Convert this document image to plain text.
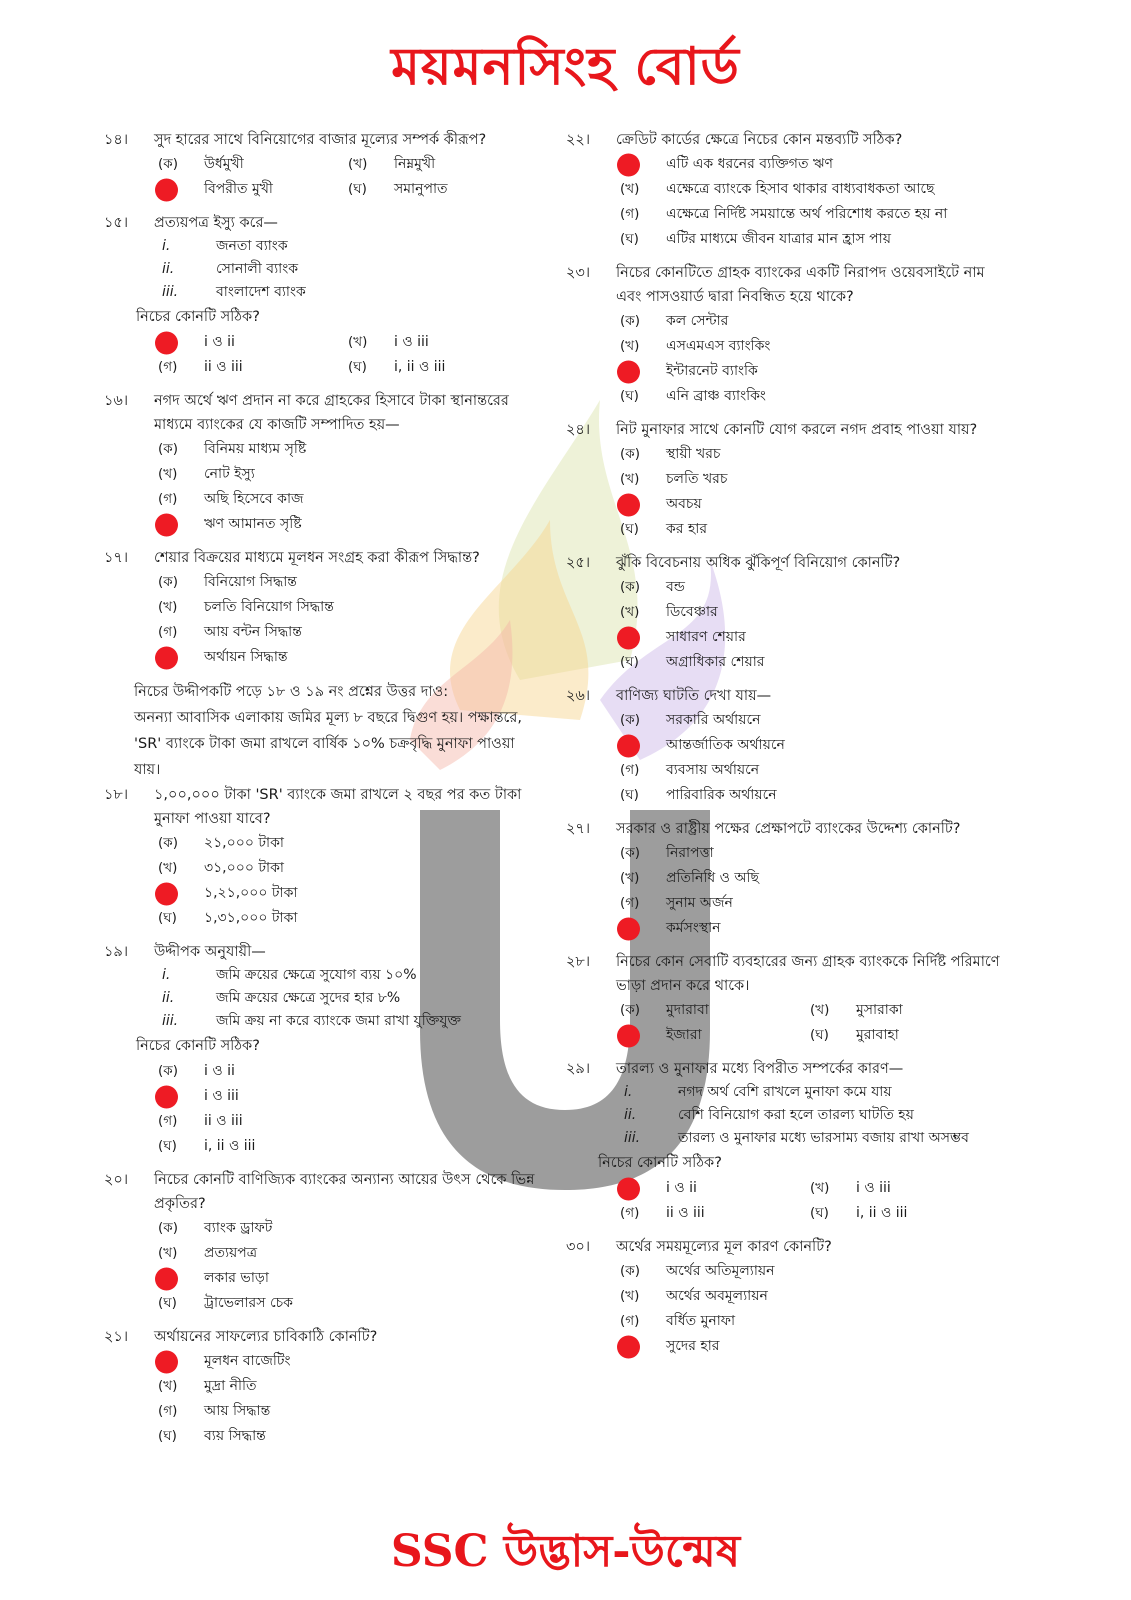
ময়মনসিংহ বোর্ড
১৪।	সুদ হারের সাথে বিনিয়োগের বাজার মূল্যের সম্পর্ক কীরূপ?
(ক)	উর্ধমুখী	(খ)	নিম্নমুখী
বিপরীত মুখী	(ঘ)	সমানুপাত
১৫।	প্রত্যয়পত্র ইস্যু করে—
i.	জনতা ব্যাংক
ii.	সোনালী ব্যাংক
iii.	বাংলাদেশ ব্যাংক
নিচের কোনটি সঠিক?
i ও ii	(খ)	i ও iii
(গ)	ii ও iii	(ঘ)	i, ii ও iii
১৬।	নগদ অর্থে ঋণ প্রদান না করে গ্রাহকের হিসাবে টাকা স্থানান্তরের মাধ্যমে ব্যাংকের যে কাজটি সম্পাদিত হয়—
(ক)	বিনিময় মাধ্যম সৃষ্টি
(খ)	নোট ইস্যু
(গ)	অছি হিসেবে কাজ
ঋণ আমানত সৃষ্টি
১৭।	শেয়ার বিক্রয়ের মাধ্যমে মূলধন সংগ্রহ করা কীরূপ সিদ্ধান্ত?
(ক)	বিনিয়োগ সিদ্ধান্ত
(খ)	চলতি বিনিয়োগ সিদ্ধান্ত
(গ)	আয় বন্টন সিদ্ধান্ত
অর্থায়ন সিদ্ধান্ত
নিচের উদ্দীপকটি পড়ে ১৮ ও ১৯ নং প্রশ্নের উত্তর দাও:
অনন্যা আবাসিক এলাকায় জমির মূল্য ৮ বছরে দ্বিগুণ হয়। পক্ষান্তরে, 'SR' ব্যাংকে টাকা জমা রাখলে বার্ষিক ১০% চক্রবৃদ্ধি মুনাফা পাওয়া যায়।
১৮।	১,০০,০০০ টাকা 'SR' ব্যাংকে জমা রাখলে ২ বছর পর কত টাকা মুনাফা পাওয়া যাবে?
(ক)	২১,০০০ টাকা
(খ)	৩১,০০০ টাকা
১,২১,০০০ টাকা
(ঘ)	১,৩১,০০০ টাকা
১৯।	উদ্দীপক অনুযায়ী—
i.	জমি ক্রয়ের ক্ষেত্রে সুযোগ ব্যয় ১০%
ii.	জমি ক্রয়ের ক্ষেত্রে সুদের হার ৮%
iii.	জমি ক্রয় না করে ব্যাংকে জমা রাখা যুক্তিযুক্ত
নিচের কোনটি সঠিক?
(ক)	i ও ii
i ও iii
(গ)	ii ও iii
(ঘ)	i, ii ও iii
২০।	নিচের কোনটি বাণিজ্যিক ব্যাংকের অন্যান্য আয়ের উৎস থেকে ভিন্ন প্রকৃতির?
(ক)	ব্যাংক ড্রাফট
(খ)	প্রত্যয়পত্র
লকার ভাড়া
(ঘ)	ট্রাভেলারস চেক
২১।	অর্থায়নের সাফল্যের চাবিকাঠি কোনটি?
মূলধন বাজেটিং
(খ)	মুদ্রা নীতি
(গ)	আয় সিদ্ধান্ত
(ঘ)	ব্যয় সিদ্ধান্ত
২২।	ক্রেডিট কার্ডের ক্ষেত্রে নিচের কোন মন্তব্যটি সঠিক?
এটি এক ধরনের ব্যক্তিগত ঋণ
(খ)	এক্ষেত্রে ব্যাংকে হিসাব থাকার বাধ্যবাধকতা আছে
(গ)	এক্ষেত্রে নির্দিষ্ট সময়ান্তে অর্থ পরিশোধ করতে হয় না
(ঘ)	এটির মাধ্যমে জীবন যাত্রার মান হ্রাস পায়
২৩।	নিচের কোনটিতে গ্রাহক ব্যাংকের একটি নিরাপদ ওয়েবসাইটে নাম এবং পাসওয়ার্ড দ্বারা নিবন্ধিত হয়ে থাকে?
(ক)	কল সেন্টার
(খ)	এসএমএস ব্যাংকিং
ইন্টারনেট ব্যাংকি
(ঘ)	এনি ব্রাঞ্চ ব্যাংকিং
২৪।	নিট মুনাফার সাথে কোনটি যোগ করলে নগদ প্রবাহ পাওয়া যায়?
(ক)	স্থায়ী খরচ
(খ)	চলতি খরচ
অবচয়
(ঘ)	কর হার
২৫।	ঝুঁকি বিবেচনায় অধিক ঝুঁকিপূর্ণ বিনিয়োগ কোনটি?
(ক)	বন্ড
(খ)	ডিবেঞ্চার
সাধারণ শেয়ার
(ঘ)	অগ্রাধিকার শেয়ার
২৬।	বাণিজ্য ঘাটতি দেখা যায়—
(ক)	সরকারি অর্থায়নে
আন্তর্জাতিক অর্থায়নে
(গ)	ব্যবসায় অর্থায়নে
(ঘ)	পারিবারিক অর্থায়নে
২৭।	সরকার ও রাষ্ট্রীয় পক্ষের প্রেক্ষাপটে ব্যাংকের উদ্দেশ্য কোনটি?
(ক)	নিরাপত্তা
(খ)	প্রতিনিধি ও অছি
(গ)	সুনাম অর্জন
কর্মসংস্থান
২৮।	নিচের কোন সেবাটি ব্যবহারের জন্য গ্রাহক ব্যাংককে নির্দিষ্ট পরিমাণে ভাড়া প্রদান করে থাকে।
(ক)	মুদারাবা	(খ)	মুসারাকা
ইজারা	(ঘ)	মুরাবাহা
২৯।	তারল্য ও মুনাফার মধ্যে বিপরীত সম্পর্কের কারণ—
i.	নগদ অর্থ বেশি রাখলে মুনাফা কমে যায়
ii.	বেশি বিনিয়োগ করা হলে তারল্য ঘাটতি হয়
iii.	তারল্য ও মুনাফার মধ্যে ভারসাম্য বজায় রাখা অসম্ভব
নিচের কোনটি সঠিক?
i ও ii	(খ)	i ও iii
(গ)	ii ও iii	(ঘ)	i, ii ও iii
৩০।	অর্থের সময়মূল্যের মূল কারণ কোনটি?
(ক)	অর্থের অতিমূল্যায়ন
(খ)	অর্থের অবমূল্যায়ন
(গ)	বর্ধিত মুনাফা
সুদের হার
SSC উদ্ভাস-উন্মেষ
